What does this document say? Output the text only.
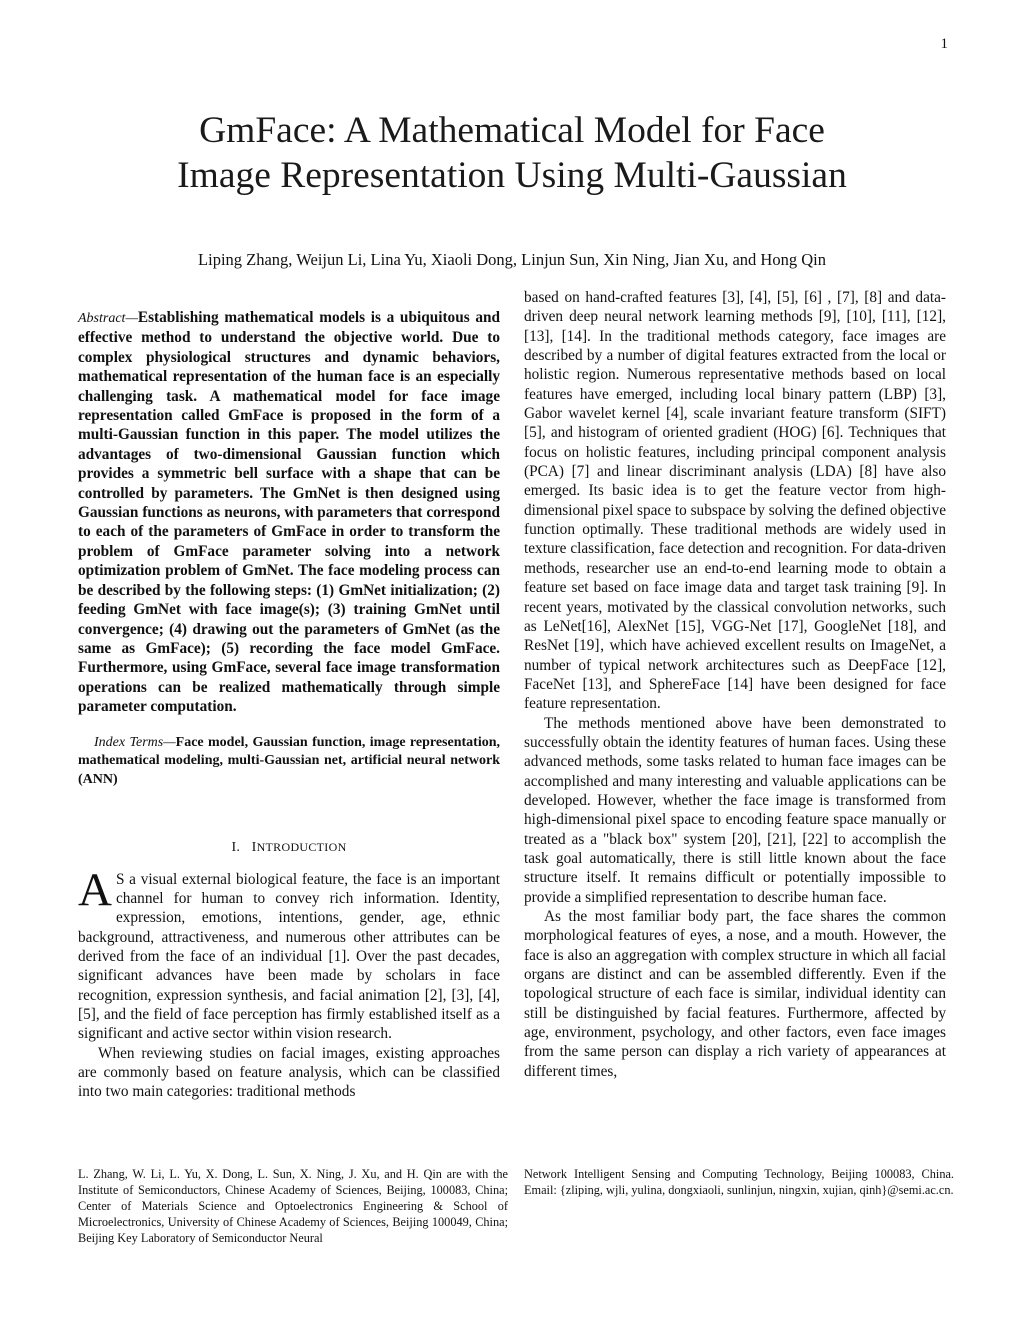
1
GmFace: A Mathematical Model for Face
Image Representation Using Multi-Gaussian
Liping Zhang, Weijun Li, Lina Yu, Xiaoli Dong, Linjun Sun, Xin Ning, Jian Xu, and Hong Qin

Abstract—Establishing mathematical models is a ubiquitous and effective method to understand the objective world. Due to complex physiological structures and dynamic behaviors, mathematical representation of the human face is an especially challenging task. A mathematical model for face image representation called GmFace is proposed in the form of a multi-Gaussian function in this paper. The model utilizes the advantages of two-dimensional Gaussian function which provides a symmetric bell surface with a shape that can be controlled by parameters. The GmNet is then designed using Gaussian functions as neurons, with parameters that correspond to each of the parameters of GmFace in order to transform the problem of GmFace parameter solving into a network optimization problem of GmNet. The face modeling process can be described by the following steps: (1) GmNet initialization; (2) feeding GmNet with face image(s); (3) training GmNet until convergence; (4) drawing out the parameters of GmNet (as the same as GmFace); (5) recording the face model GmFace. Furthermore, using GmFace, several face image transformation operations can be realized mathematically through simple parameter computation.

Index Terms—Face model, Gaussian function, image representation, mathematical modeling, multi-Gaussian net, artificial neural network (ANN)

I. INTRODUCTION

A S a visual external biological feature, the face is an important channel for human to convey rich information. Identity, expression, emotions, intentions, gender, age, ethnic background, attractiveness, and numerous other attributes can be derived from the face of an individual [1]. Over the past decades, significant advances have been made by scholars in face recognition, expression synthesis, and facial animation [2], [3], [4], [5], and the field of face perception has firmly established itself as a significant and active sector within vision research.

When reviewing studies on facial images, existing approaches are commonly based on feature analysis, which can be classified into two main categories: traditional methods

based on hand-crafted features [3], [4], [5], [6] , [7], [8] and data-driven deep neural network learning methods [9], [10], [11], [12], [13], [14]. In the traditional methods category, face images are described by a number of digital features extracted from the local or holistic region. Numerous representative methods based on local features have emerged, including local binary pattern (LBP) [3], Gabor wavelet kernel [4], scale invariant feature transform (SIFT) [5], and histogram of oriented gradient (HOG) [6]. Techniques that focus on holistic features, including principal component analysis (PCA) [7] and linear discriminant analysis (LDA) [8] have also emerged. Its basic idea is to get the feature vector from high-dimensional pixel space to subspace by solving the defined objective function optimally. These traditional methods are widely used in texture classification, face detection and recognition. For data-driven methods, researcher use an end-to-end learning mode to obtain a feature set based on face image data and target task training [9]. In recent years, motivated by the classical convolution networks‚ such as LeNet[16], AlexNet [15], VGG-Net [17], GoogleNet [18], and ResNet [19]‚ which have achieved excellent results on ImageNet, a number of typical network architectures such as DeepFace [12], FaceNet [13], and SphereFace [14] have been designed for face feature representation.

The methods mentioned above have been demonstrated to successfully obtain the identity features of human faces. Using these advanced methods, some tasks related to human face images can be accomplished and many interesting and valuable applications can be developed. However, whether the face image is transformed from high-dimensional pixel space to encoding feature space manually or treated as a "black box" system [20], [21], [22] to accomplish the task goal automatically, there is still little known about the face structure itself. It remains difficult or potentially impossible to provide a simplified representation to describe human face.

As the most familiar body part, the face shares the common morphological features of eyes, a nose, and a mouth. However, the face is also an aggregation with complex structure in which all facial organs are distinct and can be assembled differently. Even if the topological structure of each face is similar, individual identity can still be distinguished by facial features. Furthermore, affected by age, environment, psychology, and other factors, even face images from the same person can display a rich variety of appearances at different times,

L. Zhang, W. Li, L. Yu, X. Dong, L. Sun, X. Ning, J. Xu, and H. Qin are with the Institute of Semiconductors, Chinese Academy of Sciences, Beijing, 100083, China; Center of Materials Science and Optoelectronics Engineering & School of Microelectronics, University of Chinese Academy of Sciences, Beijing 100049, China; Beijing Key Laboratory of Semiconductor Neural
Network Intelligent Sensing and Computing Technology, Beijing 100083, China. Email: {zliping, wjli, yulina, dongxiaoli, sunlinjun, ningxin, xujian, qinh}@semi.ac.cn.
